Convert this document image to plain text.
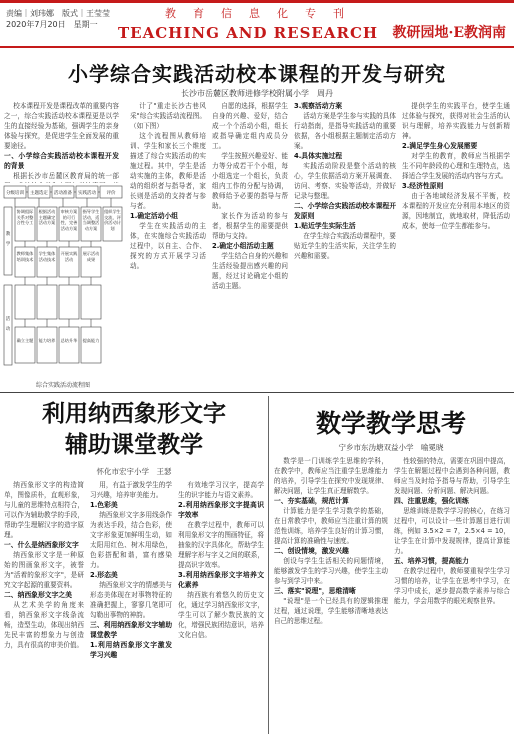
责编｜刘玮娜　版式｜王莹莹
2020年7月20日　星期一
教育信息化专刊
TEACHING AND RESEARCH 教研园地·E教润南
小学综合实践活动校本课程的开发与研究
长沙市岳麓区教师进修学校附属小学　周丹

校本课程开发是课程改革的重要内容之一，综合实践活动校本课程更是以学生的直接经验为基础，强调学生的亲身体验与探究，是促进学生全面发展的重要途径。

一、小学综合实践活动校本课程开发的背景

根据长沙市岳麓区教育局的统一部

分级培训 主题选定 活动准备 实践活动 评价
教
学
活
动
协调组际关系对整合性分工
根据活动主题确定活动方案
审核方案的可行性，完善活动方案
指导学生活动，适当调整活动方案
组织学生交流，评价活动计划
教师集体培训技术
学生集体活动技术
开展实践活动
展示活动成果
确立主题 能力培养 总结升华 提高能力
综合实践活动流程图

计了"重走长沙古巷风采"综合实践活动流程图。（如下图）

这个流程图从教师培训、学生和家长三个维度描述了综合实践活动的实施过程。其中，学生是活动实施的主体，教师是活动的组织者与指导者，家长则是活动的支持者与参与者。

1.确定活动小组

学生在实践活动的主体，在实施综合实践活动过程中，以自主、合作、探究的方式开展学习活动。

自愿的选择，根据学生自身的兴趣、爱好，结合成一个个活动小组，组长或指导确定组内成员分工。

学生按照兴趣爱好、能力等分成若干个小组，每小组选定一个组长，负责组内工作的分配与协调，教师给予必要的指导与帮助。

家长作为活动的参与者，根据学生的需要提供帮助与支持。

2.确定小组活动主题

学生结合自身的兴趣和生活经验提出感兴趣的问题，经过讨论确定小组的活动主题。

3.观察活动方案

活动方案是学生参与实践的具体行动指南，是指导实践活动的重要依据，各小组根据主题制定活动方案。

4.具体实施过程

实践活动阶段是整个活动的核心，学生依据活动方案开展调查、访问、考察、实验等活动，并做好记录与整理。

二、小学综合实践活动校本课程开发原则

1.贴近学生实际生活

在学生综合实践活动课程中，要贴近学生的生活实际，关注学生的兴趣和需要。

提供学生的实践平台，使学生通过体验与探究，获得对社会生活的认识与理解，培养实践能力与创新精神。

2.满足学生身心发展需要

对学生的教育，教师应当根据学生不同年龄段的心理和生理特点，选择适合学生发展的活动内容与方式。

3.经济性原则

由于各地域经济发展不平衡，校本课程的开发应充分利用本地区的资源，因地制宜，就地取材，降低活动成本，使每一位学生都能参与。

利用纳西象形文字
辅助课堂教学
怀化市宏宇小学　王瑟

纳西象形文字的构造简单，图像质朴，直观形象，与儿童的思维特点相符合，可以作为辅助教学的手段，帮助学生理解汉字的造字原理。

一、什么是纳西象形文字

纳西象形文字是一种原始的图画象形文字，被誉为"活着的象形文字"，是研究文字起源的重要资料。

二、纳西象形文字之美

从艺术美学的角度来看，纳西象形文字线条流畅，造型生动，体现出纳西先民丰富的想象力与创造力，具有很高的审美价值。

用，有益于激发学生的学习兴趣，培养审美能力。

1.色彩美

纳西象形文字多用线条作为表达手段，结合色彩，使文字形象更加鲜明生动，如太阳用红色、树木用绿色，色彩搭配和谐，富有感染力。

2.形态美

纳西象形文字的情感美与形态美体现在对事物特征的准确把握上，寥寥几笔即可勾勒出事物的神韵。

三、利用纳西象形文字辅助课堂教学

1.利用纳西象形文字激发学习兴趣

有效地学习汉字，提高学生的识字能力与语文素养。

2.利用纳西象形文字提高识字效率

在教学过程中，教师可以利用象形文字的图画特征，将抽象的汉字具体化，帮助学生理解字形与字义之间的联系，提高识字效率。

3.利用纳西象形文字培养文化素养

纳西族有着悠久的历史文化，通过学习纳西象形文字，学生可以了解少数民族的文化，增强民族团结意识，培养文化自信。

数学教学思考
宁乡市东沩塘双益小学　喻冕晓

数学是一门训练学生思维的学科，在教学中，教师应当注重学生思维能力的培养，引导学生在探究中发现规律、解决问题，让学生真正理解数学。

一、夯实基础，规范计算

计算能力是学生学习数学的基础，在日常教学中，教师应当注重计算的规范性训练，培养学生良好的计算习惯，提高计算的准确性与速度。

二、创设情境，激发兴趣

创设与学生生活相关的问题情境，能够激发学生的学习兴趣，使学生主动参与到学习中来。

三、落实"说理"，思维清晰

"说理"是一个已经具有的逻辑推理过程，通过说理，学生能够清晰地表达自己的思维过程。

性较强的特点，需要在巩固中提高，学生在解题过程中会遇到各种问题，教师应当及时给予指导与帮助，引导学生发现问题、分析问题、解决问题。

四、注重思维，强化训练

思维训练是数学学习的核心，在练习过程中，可以设计一些计算题目进行训练，例如 3.5×2 = 7，2.5×4 = 10，让学生在计算中发现规律，提高计算能力。

五、培养习惯，提高能力

在教学过程中，教师要重视学生学习习惯的培养，让学生在思考中学习，在学习中成长，逐步提高数学素养与综合能力，学会用数学的眼光观察世界。
